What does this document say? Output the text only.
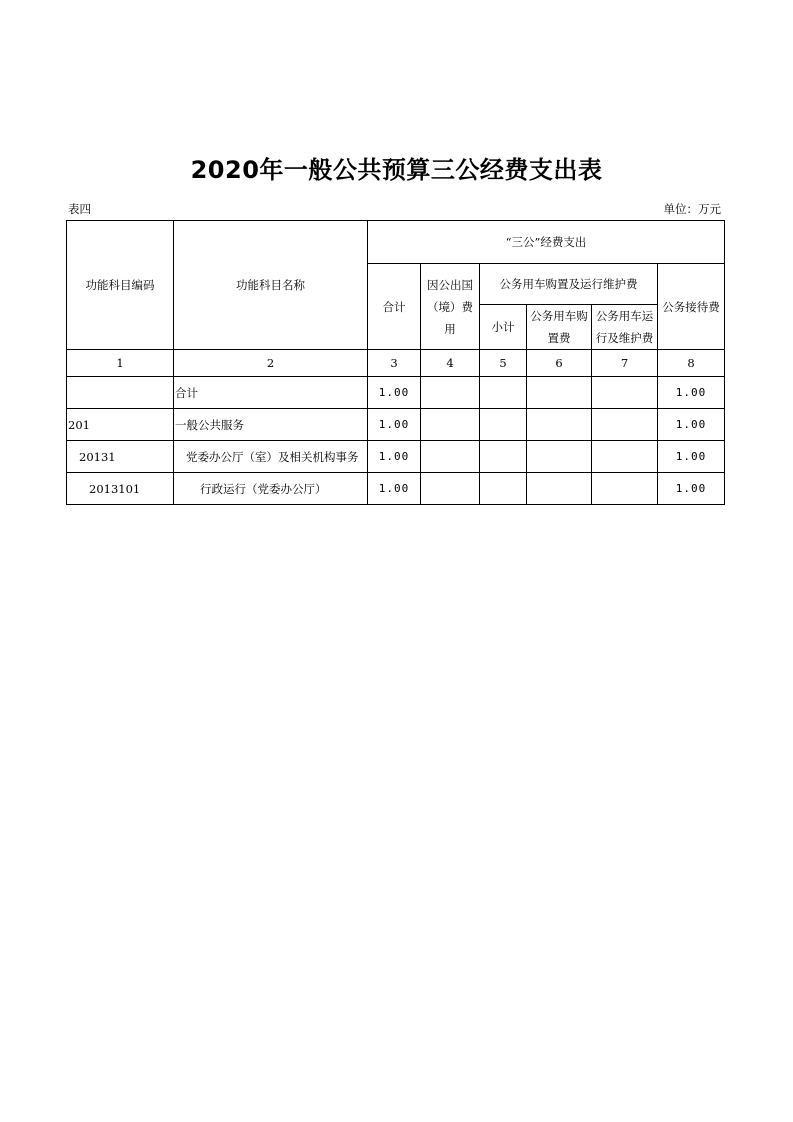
2020年一般公共预算三公经费支出表
表四	单位：万元
功能科目编码	功能科目名称	“三公”经费支出					
		合计	因公出国（境）费用	公务用车购置及运行维护费			公务接待费
				小计	公务用车购置费	公务用车运行及维护费	
1	2	3	4	5	6	7	8
	合计	1.00					1.00
201	一般公共服务	1.00					1.00
20131	党委办公厅（室）及相关机构事务	1.00					1.00
2013101	行政运行（党委办公厅）	1.00					1.00
